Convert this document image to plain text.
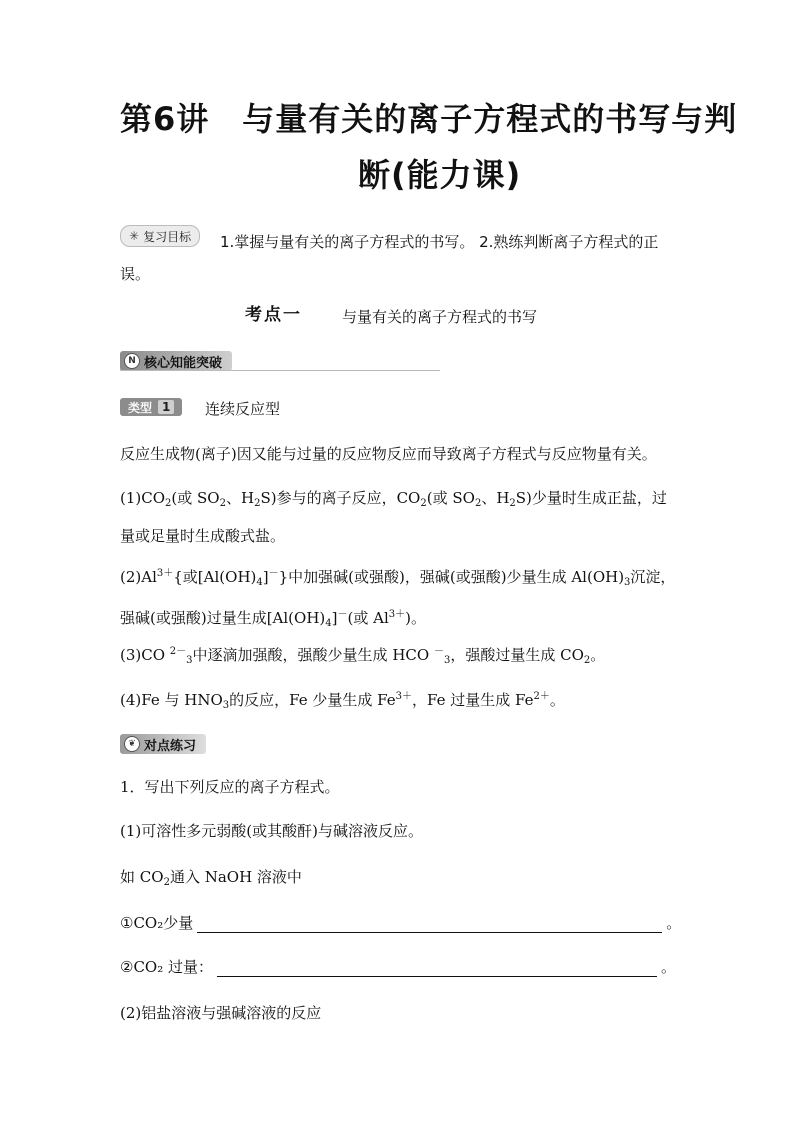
第6讲　与量有关的离子方程式的书写与判
断(能力课)
✳ 复习目标	1.掌握与量有关的离子方程式的书写。 2.熟练判断离子方程式的正误。
考点一	与量有关的离子方程式的书写
N 核心知能突破
类型 1 连续反应型
反应生成物(离子)因又能与过量的反应物反应而导致离子方程式与反应物量有关。
$(1)CO_2$(或 $SO_2$、$H_2S$)参与的离子反应，$CO_2$(或 $SO_2$、$H_2S$)少量时生成正盐，过量或足量时生成酸式盐。
$(2)Al^{3+}${或$[Al(OH)_4]^-$}中加强碱(或强酸)，强碱(或强酸)少量生成 $Al(OH)_3$沉淀，强碱(或强酸)过量生成$[Al(OH)_4]^-$(或 $Al^{3+}$)。
(3)CO $^{2-}_3$中逐滴加强酸，强酸少量生成 HCO －$_3$，强酸过量生成 $CO_2$。
(4)Fe 与 $HNO_3$的反应，Fe 少量生成 $Fe^{3+}$，Fe 过量生成 $Fe^{2+}$。
❦ 对点练习
1．写出下列反应的离子方程式。
(1)可溶性多元弱酸(或其酸酐)与碱溶液反应。
如 $CO_2$通入 NaOH 溶液中
①CO₂少量	。
②CO₂ 过量：	。
(2)铝盐溶液与强碱溶液的反应
